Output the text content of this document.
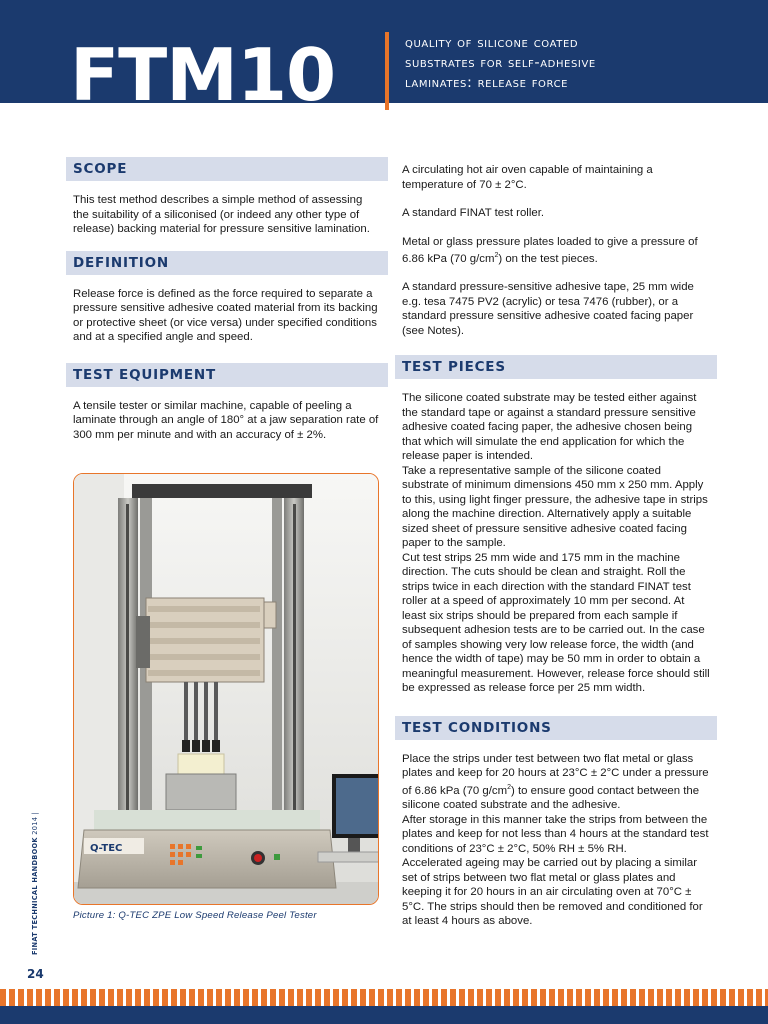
FTM10	quality of silicone coated
substrates for self-adhesive
laminates: release force
SCOPE

This test method describes a simple method of assessing the suitability of a siliconised (or indeed any other type of release) backing material for pressure sensitive lamination.

DEFINITION

Release force is defined as the force required to separate a pressure sensitive adhesive coated material from its backing or protective sheet (or vice versa) under specified conditions and at a specified angle and speed.

TEST EQUIPMENT

A tensile tester or similar machine, capable of peeling a laminate through an angle of 180° at a jaw separation rate of 300 mm per minute and with an accuracy of ± 2%.

Q-TEC
Picture 1: Q-TEC ZPE Low Speed Release Peel Tester

A circulating hot air oven capable of maintaining a temperature of 70 ± 2°C.

A standard FINAT test roller.

Metal or glass pressure plates loaded to give a pressure of 6.86 kPa (70 $g/cm^2$) on the test pieces.

A standard pressure-sensitive adhesive tape, 25 mm wide e.g. tesa 7475 PV2 (acrylic) or tesa 7476 (rubber), or a standard pressure sensitive adhesive coated facing paper (see Notes).

TEST PIECES

The silicone coated substrate may be tested either against the standard tape or against a standard pressure sensitive adhesive coated facing paper, the adhesive chosen being that which will simulate the end application for which the release paper is intended.

Take a representative sample of the silicone coated substrate of minimum dimensions 450 mm x 250 mm. Apply to this, using light finger pressure, the adhesive tape in strips along the machine direction. Alternatively apply a suitable sized sheet of pressure sensitive adhesive coated facing paper to the sample.

Cut test strips 25 mm wide and 175 mm in the machine direction. The cuts should be clean and straight. Roll the strips twice in each direction with the standard FINAT test roller at a speed of approximately 10 mm per second. At least six strips should be prepared from each sample if subsequent adhesion tests are to be carried out. In the case of samples showing very low release force, the width (and hence the width of tape) may be 50 mm in order to obtain a meaningful measurement. However, release force should still be expressed as release force per 25 mm width.

TEST CONDITIONS

Place the strips under test between two flat metal or glass plates and keep for 20 hours at 23°C ± 2°C under a pressure of 6.86 kPa (70 $g/cm^2$) to ensure good contact between the silicone coated substrate and the adhesive.

After storage in this manner take the strips from between the plates and keep for not less than 4 hours at the standard test conditions of 23°C ± 2°C, 50% RH ± 5% RH.

Accelerated ageing may be carried out by placing a similar set of strips between two flat metal or glass plates and keeping it for 20 hours in an air circulating oven at 70°C ± 5°C. The strips should then be removed and conditioned for at least 4 hours as above.

FINAT TECHNICAL HANDBOOK 2014 |
24
